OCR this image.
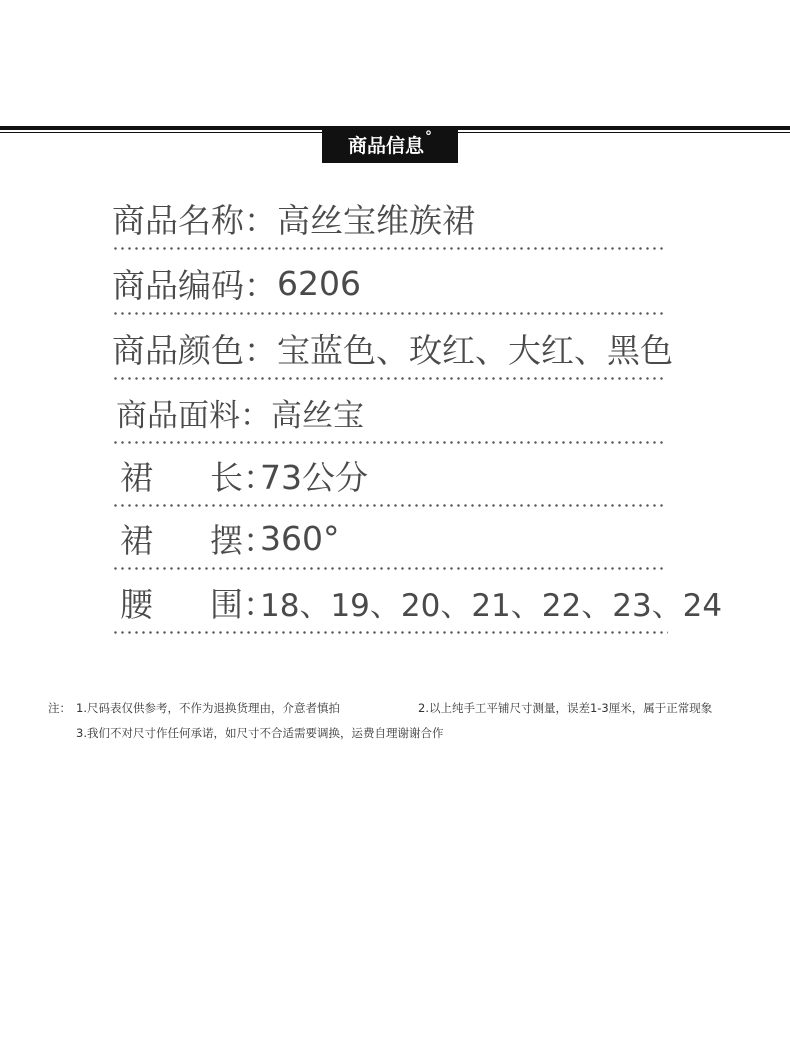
商品信息 °
商品名称： 高丝宝维族裙
商品编码： 6206
商品颜色： 宝蓝色、玫红、大红、黑色
商品面料： 高丝宝
裙 长：
73公分
裙 摆：
360°
腰 围：
18、19、20、21、22、23、24
注： 1.尺码表仅供参考，不作为退换货理由，介意者慎拍	2.以上纯手工平铺尺寸测量，误差1-3厘米，属于正常现象
3.我们不对尺寸作任何承诺，如尺寸不合适需要调换，运费自理谢谢合作
